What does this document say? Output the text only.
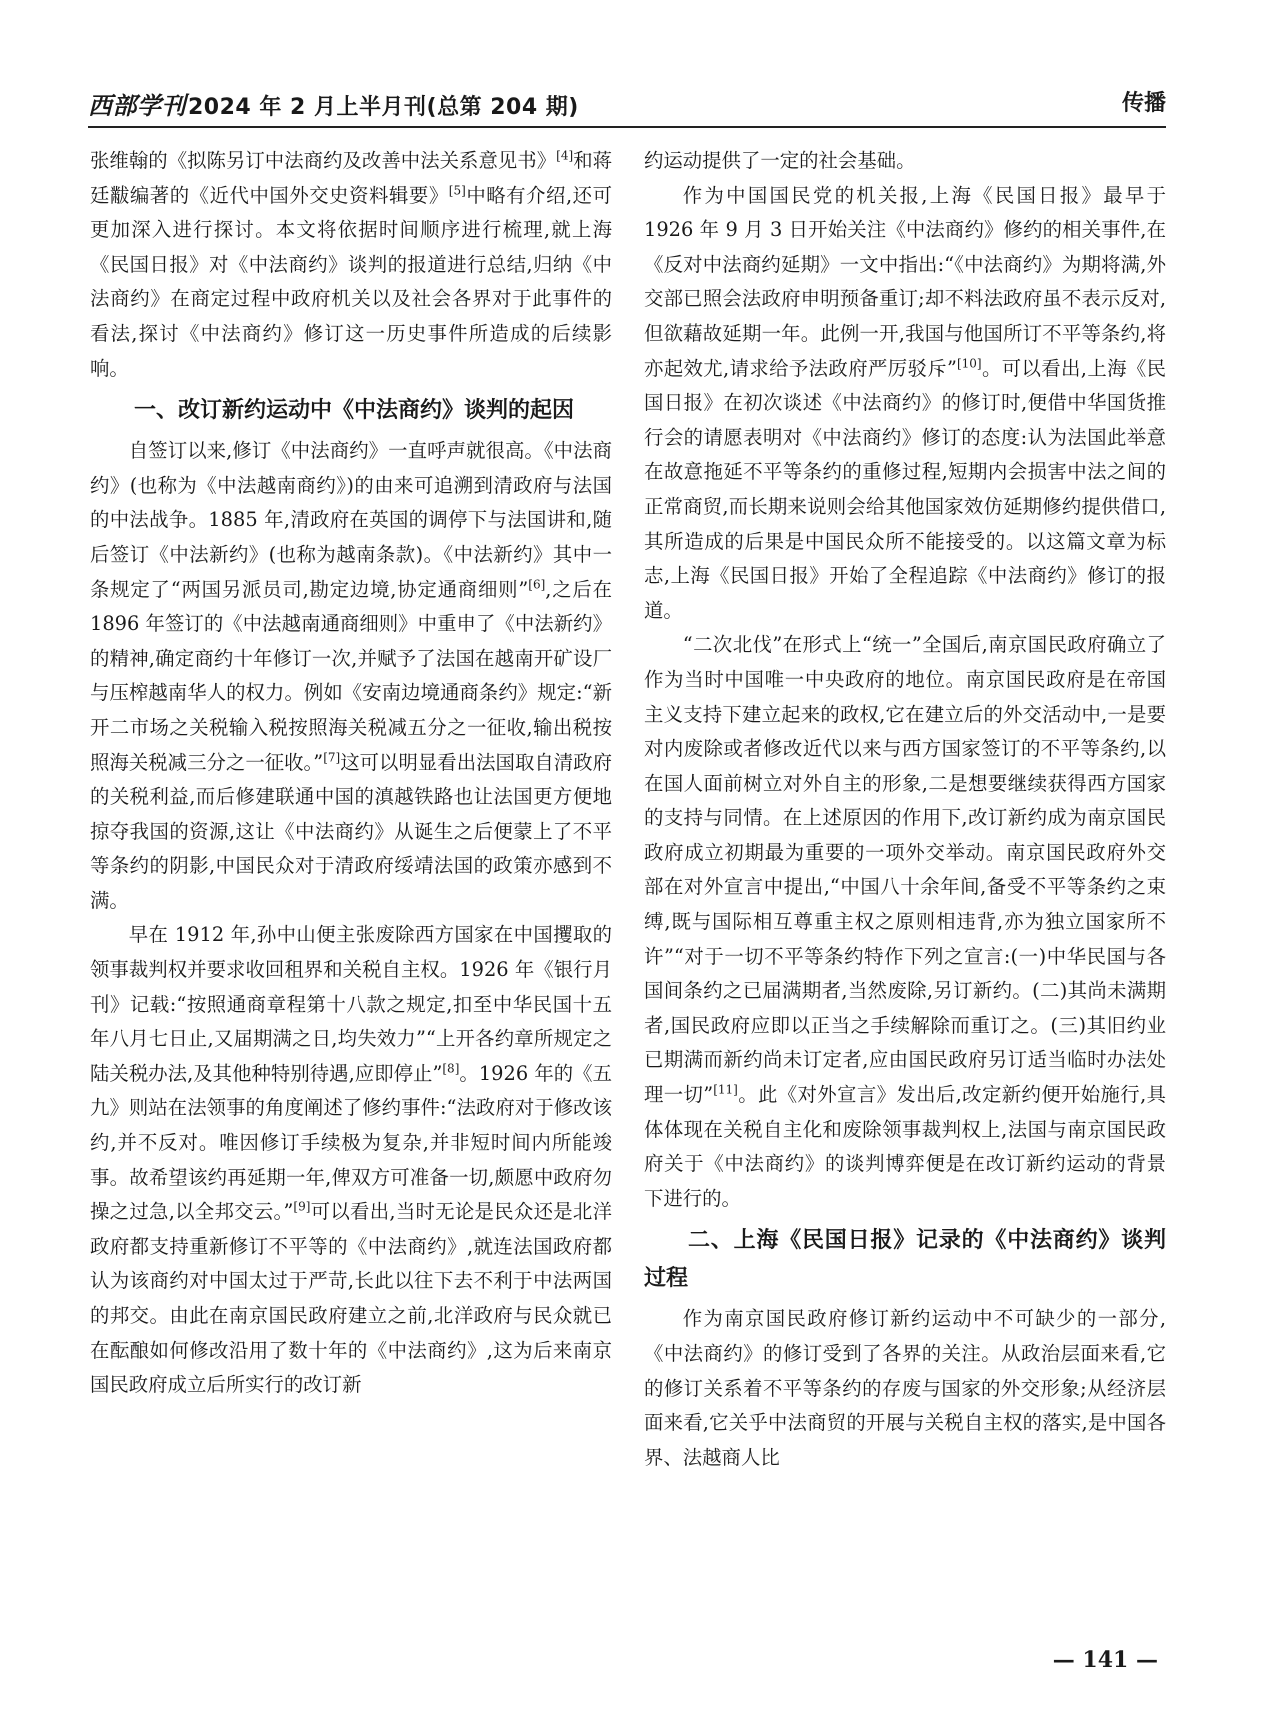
西部学刊2024 年 2 月上半月刊(总第 204 期)	传播

张维翰的《拟陈另订中法商约及改善中法关系意见书》[4]和蒋廷黻编著的《近代中国外交史资料辑要》[5]中略有介绍,还可更加深入进行探讨。本文将依据时间顺序进行梳理,就上海《民国日报》对《中法商约》谈判的报道进行总结,归纳《中法商约》在商定过程中政府机关以及社会各界对于此事件的看法,探讨《中法商约》修订这一历史事件所造成的后续影响。

一、改订新约运动中《中法商约》谈判的起因

自签订以来,修订《中法商约》一直呼声就很高。《中法商约》(也称为《中法越南商约》)的由来可追溯到清政府与法国的中法战争。1885 年,清政府在英国的调停下与法国讲和,随后签订《中法新约》(也称为越南条款)。《中法新约》其中一条规定了“两国另派员司,勘定边境,协定通商细则”[6],之后在 1896 年签订的《中法越南通商细则》中重申了《中法新约》的精神,确定商约十年修订一次,并赋予了法国在越南开矿设厂与压榨越南华人的权力。例如《安南边境通商条约》规定:“新开二市场之关税输入税按照海关税减五分之一征收,输出税按照海关税减三分之一征收。”[7]这可以明显看出法国取自清政府的关税利益,而后修建联通中国的滇越铁路也让法国更方便地掠夺我国的资源,这让《中法商约》从诞生之后便蒙上了不平等条约的阴影,中国民众对于清政府绥靖法国的政策亦感到不满。

早在 1912 年,孙中山便主张废除西方国家在中国攫取的领事裁判权并要求收回租界和关税自主权。1926 年《银行月刊》记载:“按照通商章程第十八款之规定,扣至中华民国十五年八月七日止,又届期满之日,均失效力”“上开各约章所规定之陆关税办法,及其他种特别待遇,应即停止”[8]。1926 年的《五九》则站在法领事的角度阐述了修约事件:“法政府对于修改该约,并不反对。唯因修订手续极为复杂,并非短时间内所能竣事。故希望该约再延期一年,俾双方可准备一切,颇愿中政府勿操之过急,以全邦交云。”[9]可以看出,当时无论是民众还是北洋政府都支持重新修订不平等的《中法商约》,就连法国政府都认为该商约对中国太过于严苛,长此以往下去不利于中法两国的邦交。由此在南京国民政府建立之前,北洋政府与民众就已在酝酿如何修改沿用了数十年的《中法商约》,这为后来南京国民政府成立后所实行的改订新

约运动提供了一定的社会基础。

作为中国国民党的机关报,上海《民国日报》最早于 1926 年 9 月 3 日开始关注《中法商约》修约的相关事件,在《反对中法商约延期》一文中指出:“《中法商约》为期将满,外交部已照会法政府申明预备重订;却不料法政府虽不表示反对,但欲藉故延期一年。此例一开,我国与他国所订不平等条约,将亦起效尤,请求给予法政府严厉驳斥”[10]。可以看出,上海《民国日报》在初次谈述《中法商约》的修订时,便借中华国货推行会的请愿表明对《中法商约》修订的态度:认为法国此举意在故意拖延不平等条约的重修过程,短期内会损害中法之间的正常商贸,而长期来说则会给其他国家效仿延期修约提供借口,其所造成的后果是中国民众所不能接受的。以这篇文章为标志,上海《民国日报》开始了全程追踪《中法商约》修订的报道。

“二次北伐”在形式上“统一”全国后,南京国民政府确立了作为当时中国唯一中央政府的地位。南京国民政府是在帝国主义支持下建立起来的政权,它在建立后的外交活动中,一是要对内废除或者修改近代以来与西方国家签订的不平等条约,以在国人面前树立对外自主的形象,二是想要继续获得西方国家的支持与同情。在上述原因的作用下,改订新约成为南京国民政府成立初期最为重要的一项外交举动。南京国民政府外交部在对外宣言中提出,“中国八十余年间,备受不平等条约之束缚,既与国际相互尊重主权之原则相违背,亦为独立国家所不许”“对于一切不平等条约特作下列之宣言:(一)中华民国与各国间条约之已届满期者,当然废除,另订新约。(二)其尚未满期者,国民政府应即以正当之手续解除而重订之。(三)其旧约业已期满而新约尚未订定者,应由国民政府另订适当临时办法处理一切”[11]。此《对外宣言》发出后,改定新约便开始施行,具体体现在关税自主化和废除领事裁判权上,法国与南京国民政府关于《中法商约》的谈判博弈便是在改订新约运动的背景下进行的。

二、上海《民国日报》记录的《中法商约》谈判过程

作为南京国民政府修订新约运动中不可缺少的一部分,《中法商约》的修订受到了各界的关注。从政治层面来看,它的修订关系着不平等条约的存废与国家的外交形象;从经济层面来看,它关乎中法商贸的开展与关税自主权的落实,是中国各界、法越商人比

— 141 —
